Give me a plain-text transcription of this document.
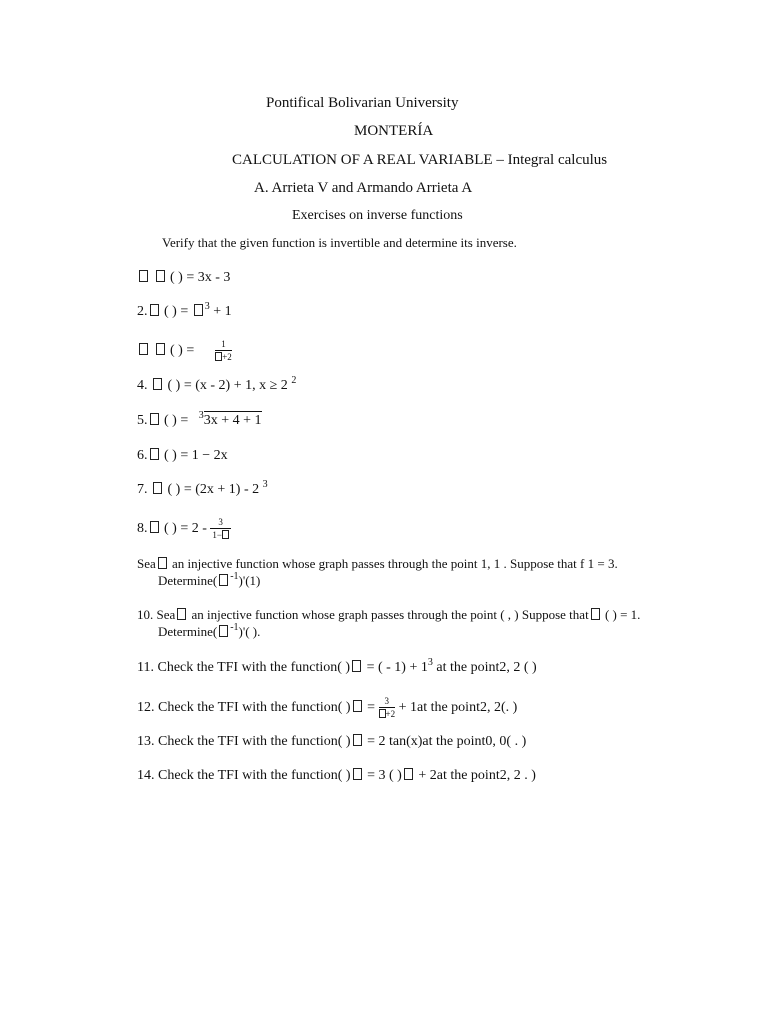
Pontifical Bolivarian University
MONTERÍA
CALCULATION OF A REAL VARIABLE – Integral calculus
A. Arrieta V and Armando Arrieta A
Exercises on inverse functions
Verify that the given function is invertible and determine its inverse.
( ) = 3x - 3
2. ( ) = $^3$ + 1
( ) = $\frac{1}{+2}$
4. ( ) = (x - 2) + 1, x ≥ 2 $^2$
5. ( ) = $^3$3x + 4 + 1
6. ( ) = 1 − 2x
7. ( ) = (2x + 1) - 2 $^3$
8. ( ) = $2 - \frac{3}{1-}$
Sea an injective function whose graph passes through the point 1, 1 . Suppose that f 1 = 3.
Determine( $^{-1}$)'(1)
10. Sea an injective function whose graph passes through the point ( , ) Suppose that ( ) = 1.
Determine( $^{-1}$)'( ).
11. Check the TFI with the function( ) = ( - $1) + 1^3$ at the point2, 2 ( )
12. Check the TFI with the function( ) = $\frac{3}{+2} + 1at$ the point2, 2(. )
13. Check the TFI with the function( ) = 2 tan(x)at the point0, 0( . )
14. Check the TFI with the function( ) = 3 ( ) + 2at the point2, 2 . )
